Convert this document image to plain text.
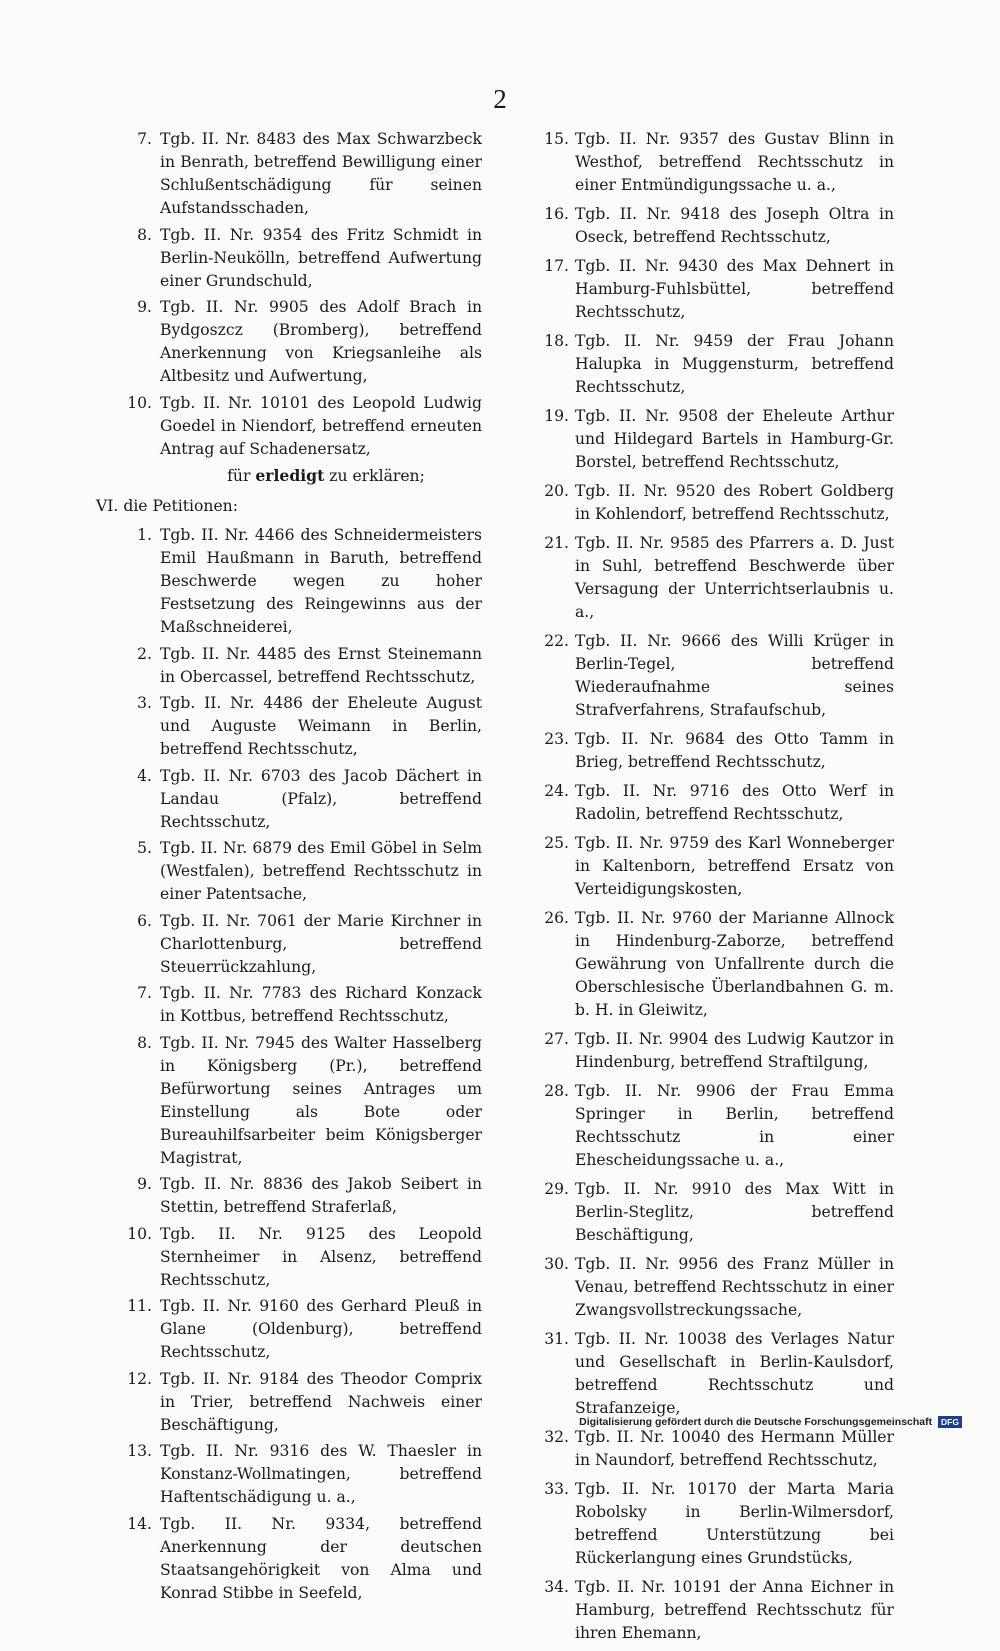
2
7. Tgb. II. Nr. 8483 des Max Schwarzbeck in Benrath, betreffend Bewilligung einer Schlußentschädigung für seinen Aufstandsschaden,
8. Tgb. II. Nr. 9354 des Fritz Schmidt in Berlin-Neukölln, betreffend Aufwertung einer Grundschuld,
9. Tgb. II. Nr. 9905 des Adolf Brach in Bydgoszcz (Bromberg), betreffend Anerkennung von Kriegsanleihe als Altbesitz und Aufwertung,
10. Tgb. II. Nr. 10101 des Leopold Ludwig Goedel in Niendorf, betreffend erneuten Antrag auf Schadenersatz,
für erledigt zu erklären;
VI. die Petitionen:
1. Tgb. II. Nr. 4466 des Schneidermeisters Emil Haußmann in Baruth, betreffend Beschwerde wegen zu hoher Festsetzung des Reingewinns aus der Maßschneiderei,
2. Tgb. II. Nr. 4485 des Ernst Steinemann in Obercassel, betreffend Rechtsschutz,
3. Tgb. II. Nr. 4486 der Eheleute August und Auguste Weimann in Berlin, betreffend Rechtsschutz,
4. Tgb. II. Nr. 6703 des Jacob Dächert in Landau (Pfalz), betreffend Rechtsschutz,
5. Tgb. II. Nr. 6879 des Emil Göbel in Selm (Westfalen), betreffend Rechtsschutz in einer Patentsache,
6. Tgb. II. Nr. 7061 der Marie Kirchner in Charlottenburg, betreffend Steuerrückzahlung,
7. Tgb. II. Nr. 7783 des Richard Konzack in Kottbus, betreffend Rechtsschutz,
8. Tgb. II. Nr. 7945 des Walter Hasselberg in Königsberg (Pr.), betreffend Befürwortung seines Antrages um Einstellung als Bote oder Bureauhilfsarbeiter beim Königsberger Magistrat,
9. Tgb. II. Nr. 8836 des Jakob Seibert in Stettin, betreffend Straferlaß,
10. Tgb. II. Nr. 9125 des Leopold Sternheimer in Alsenz, betreffend Rechtsschutz,
11. Tgb. II. Nr. 9160 des Gerhard Pleuß in Glane (Oldenburg), betreffend Rechtsschutz,
12. Tgb. II. Nr. 9184 des Theodor Comprix in Trier, betreffend Nachweis einer Beschäftigung,
13. Tgb. II. Nr. 9316 des W. Thaesler in Konstanz-Wollmatingen, betreffend Haftentschädigung u. a.,
14. Tgb. II. Nr. 9334, betreffend Anerkennung der deutschen Staatsangehörigkeit von Alma und Konrad Stibbe in Seefeld,
15. Tgb. II. Nr. 9357 des Gustav Blinn in Westhof, betreffend Rechtsschutz in einer Entmündigungssache u. a.,
16. Tgb. II. Nr. 9418 des Joseph Oltra in Oseck, betreffend Rechtsschutz,
17. Tgb. II. Nr. 9430 des Max Dehnert in Hamburg-Fuhlsbüttel, betreffend Rechtsschutz,
18. Tgb. II. Nr. 9459 der Frau Johann Halupka in Muggensturm, betreffend Rechtsschutz,
19. Tgb. II. Nr. 9508 der Eheleute Arthur und Hildegard Bartels in Hamburg-Gr. Borstel, betreffend Rechtsschutz,
20. Tgb. II. Nr. 9520 des Robert Goldberg in Kohlendorf, betreffend Rechtsschutz,
21. Tgb. II. Nr. 9585 des Pfarrers a. D. Just in Suhl, betreffend Beschwerde über Versagung der Unterrichtserlaubnis u. a.,
22. Tgb. II. Nr. 9666 des Willi Krüger in Berlin-Tegel, betreffend Wiederaufnahme seines Strafverfahrens, Strafaufschub,
23. Tgb. II. Nr. 9684 des Otto Tamm in Brieg, betreffend Rechtsschutz,
24. Tgb. II. Nr. 9716 des Otto Werf in Radolin, betreffend Rechtsschutz,
25. Tgb. II. Nr. 9759 des Karl Wonneberger in Kaltenborn, betreffend Ersatz von Verteidigungskosten,
26. Tgb. II. Nr. 9760 der Marianne Allnock in Hindenburg-Zaborze, betreffend Gewährung von Unfallrente durch die Oberschlesische Überlandbahnen G. m. b. H. in Gleiwitz,
27. Tgb. II. Nr. 9904 des Ludwig Kautzor in Hindenburg, betreffend Straftilgung,
28. Tgb. II. Nr. 9906 der Frau Emma Springer in Berlin, betreffend Rechtsschutz in einer Ehescheidungssache u. a.,
29. Tgb. II. Nr. 9910 des Max Witt in Berlin-Steglitz, betreffend Beschäftigung,
30. Tgb. II. Nr. 9956 des Franz Müller in Venau, betreffend Rechtsschutz in einer Zwangsvollstreckungssache,
31. Tgb. II. Nr. 10038 des Verlages Natur und Gesellschaft in Berlin-Kaulsdorf, betreffend Rechtsschutz und Strafanzeige,
32. Tgb. II. Nr. 10040 des Hermann Müller in Naundorf, betreffend Rechtsschutz,
33. Tgb. II. Nr. 10170 der Marta Maria Robolsky in Berlin-Wilmersdorf, betreffend Unterstützung bei Rückerlangung eines Grundstücks,
34. Tgb. II. Nr. 10191 der Anna Eichner in Hamburg, betreffend Rechtsschutz für ihren Ehemann,
Digitalisierung gefördert durch die Deutsche Forschungsgemeinschaft DFG
